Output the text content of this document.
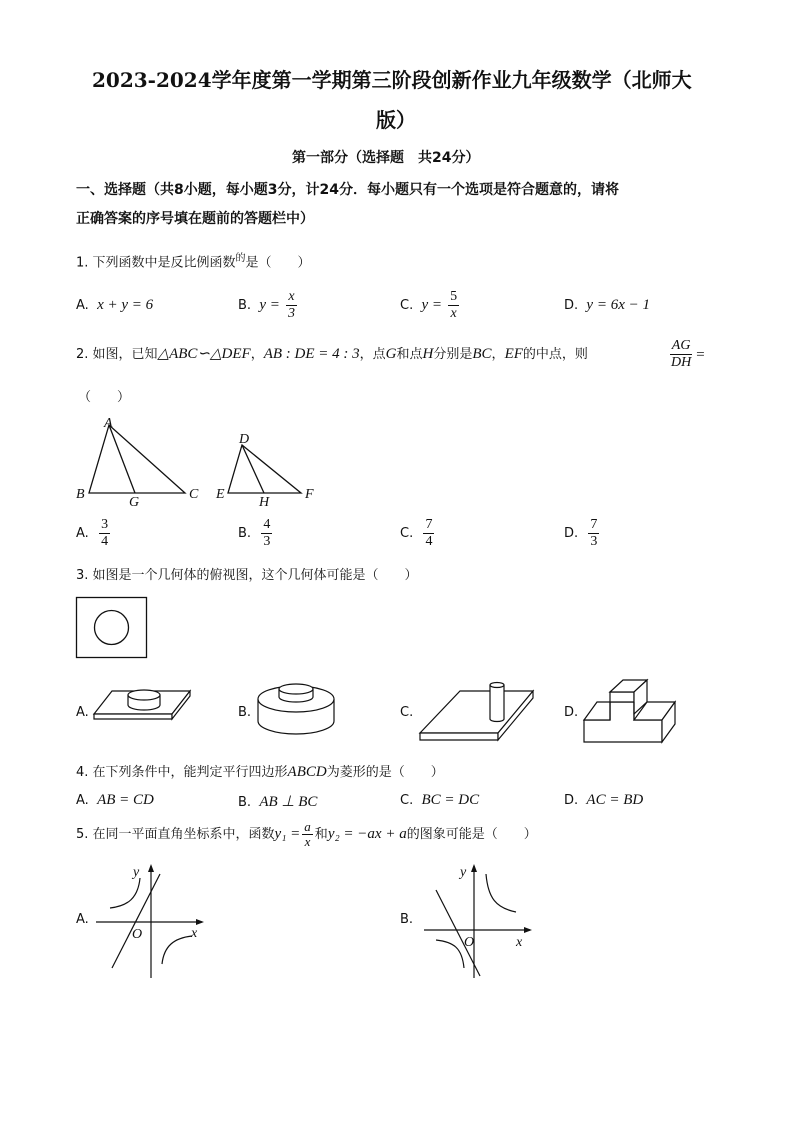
2023-2024学年度第一学期第三阶段创新作业九年级数学（北师大
版）
第一部分（选择题　共24分）
一、选择题（共8小题，每小题3分，计24分．每小题只有一个选项是符合题意的，请将
正确答案的序号填在题前的答题栏中）
1. 下列函数中是反比例函数$^的$是（　　）
A. x + y = 6	B. $y = \frac{x}{3}$	C. $y = \frac{5}{x}$	D. y = 6x − 1
2. 如图，已知△ABC∽△DEF，AB : DE = 4 : 3，点G和点H分别是BC，EF的中点，则	$\frac{AG}{DH}$ =
（　　）
A
B
G
C
D
E
H
F
A. $\frac{3}{4}$	B. $\frac{4}{3}$	C. $\frac{7}{4}$	D. $\frac{7}{3}$
3. 如图是一个几何体的俯视图，这个几何体可能是（　　）
A.	B.	C.	D.
4. 在下列条件中，能判定平行四边形ABCD为菱形的是（　　）
A. AB = CD	B. AB ⊥ BC	C. BC = DC	D. AC = BD
5. 在同一平面直角坐标系中，函数$y_1 = \frac{a}{x}$ 和y₂ = −ax + a的图象可能是（　　）
A.
y
x
O
B.
y
x
O
